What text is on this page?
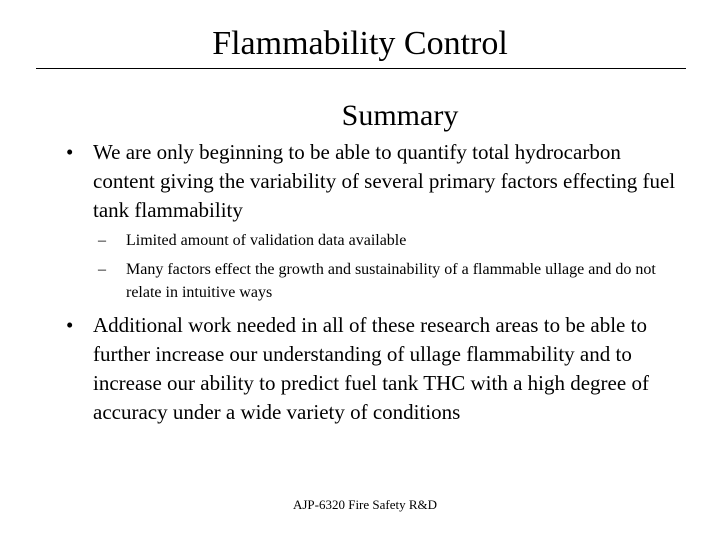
Flammability Control
Summary
• We are only beginning to be able to quantify total hydrocarbon content giving the variability of several primary factors effecting fuel tank flammability
–	Limited amount of validation data available
–	Many factors effect the growth and sustainability of a flammable ullage and do not relate in intuitive ways
• Additional work needed in all of these research areas to be able to further increase our understanding of ullage flammability and to increase our ability to predict fuel tank THC with a high degree of accuracy under a wide variety of conditions
AJP-6320 Fire Safety R&D
